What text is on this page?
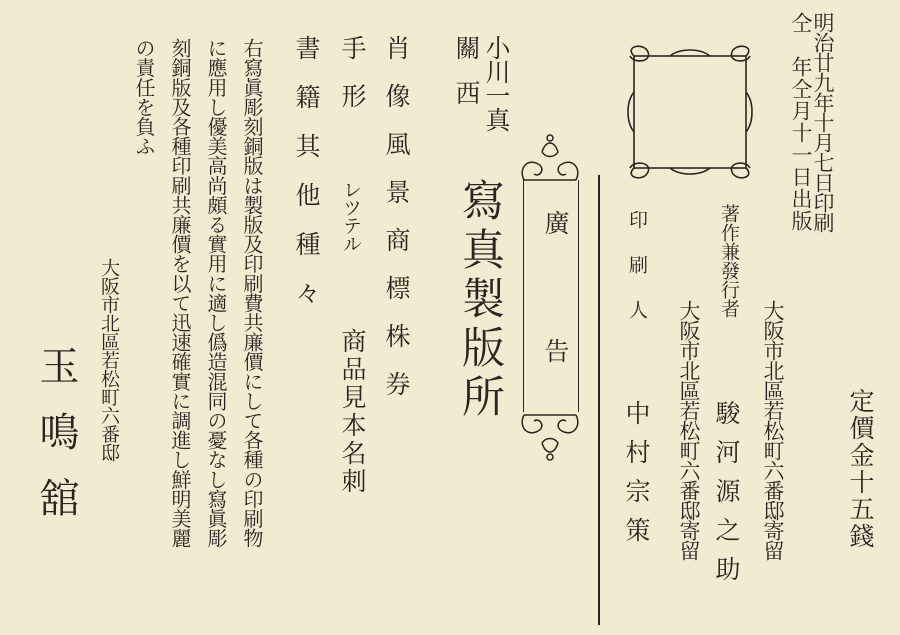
明治廿九年十月七日印刷
仝　年仝月十一日出版
定價金十五錢
大阪市北區若松町六番邸寄留
著作兼發行者
駿河源之助
大阪市北區若松町六番邸寄留
印刷人
中村宗策
廣
告
小川一真
關西
寫真製版所
肖像風景商標株券
手形
レツテル
商品見本名刺
書籍其他種々
右寫眞彫刻銅版は製版及印刷費共廉價にして各種の印刷物
に應用し優美高尚頗る實用に適し僞造混同の憂なし寫眞彫
刻銅版及各種印刷共廉價を以て迅速確實に調進し鮮明美麗
の責任を負ふ
大阪市北區若松町六番邸
玉鳴舘
